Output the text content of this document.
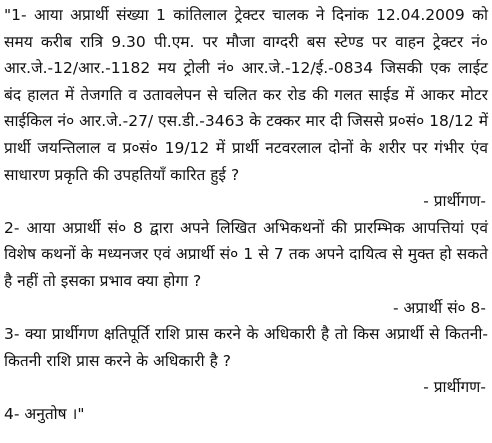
"1- आया अप्रार्थी संख्या 1 कांतिलाल ट्रेक्टर चालक ने दिनांक 12.04.2009 को समय करीब रात्रि 9.30 पी.एम. पर मौजा वाग्दरी बस स्टेण्ड पर वाहन ट्रेक्टर नं० आर.जे.-12/आर.-1182 मय ट्रोली नं० आर.जे.-12/ई.-0834 जिसकी एक लाईट बंद हालत में तेजगति व उतावलेपन से चलित कर रोड की गलत साईड में आकर मोटर साईकिल नं० आर.जे.-27/ एस.डी.-3463 के टक्कर मार दी जिससे प्र०सं० 18/12 में प्रार्थी जयन्तिलाल व प्र०सं० 19/12 में प्रार्थी नटवरलाल दोनों के शरीर पर गंभीर एंव साधारण प्रकृति की उपहतियाँ कारित हुई ?

- प्रार्थीगण-

2- आया अप्रार्थी सं० 8 द्वारा अपने लिखित अभिकथनों की प्रारम्भिक आपत्तियां एवं विशेष कथनों के मध्यनजर एवं अप्रार्थी सं० 1 से 7 तक अपने दायित्व से मुक्त हो सकते है नहीं तो इसका प्रभाव क्या होगा ?

- अप्रार्थी सं० 8-

3- क्या प्रार्थीगण क्षतिपूर्ति राशि प्रास करने के अधिकारी है तो किस अप्रार्थी से कितनी-कितनी राशि प्रास करने के अधिकारी है ?

- प्रार्थीगण-

4- अनुतोष ।"
